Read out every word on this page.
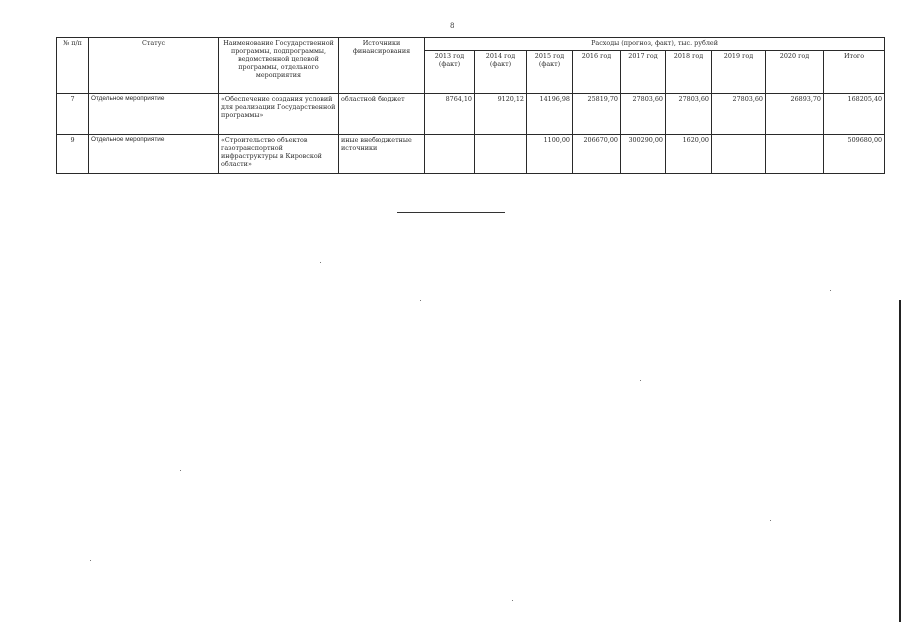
8
№ п/п	Статус	Наименование Государственной программы, подпрограммы, ведомственной целевой программы, отдельного мероприятия	Источники финансирования	Расходы (прогноз, факт), тыс. рублей								
				2013 год (факт)	2014 год (факт)	2015 год (факт)	2016 год	2017 год	2018 год	2019 год	2020 год	Итого
7	Отдельное мероприятие	«Обеспечение создания условий для реализации Государственной программы»	областной бюджет	8764,10	9120,12	14196,98	25819,70	27803,60	27803,60	27803,60	26893,70	168205,40
9	Отдельное мероприятие	«Строительство объектов газотранспортной инфраструктуры в Кировской области»	иные внебюджетные источники			1100,00	206670,00	300290,00	1620,00			509680,00
